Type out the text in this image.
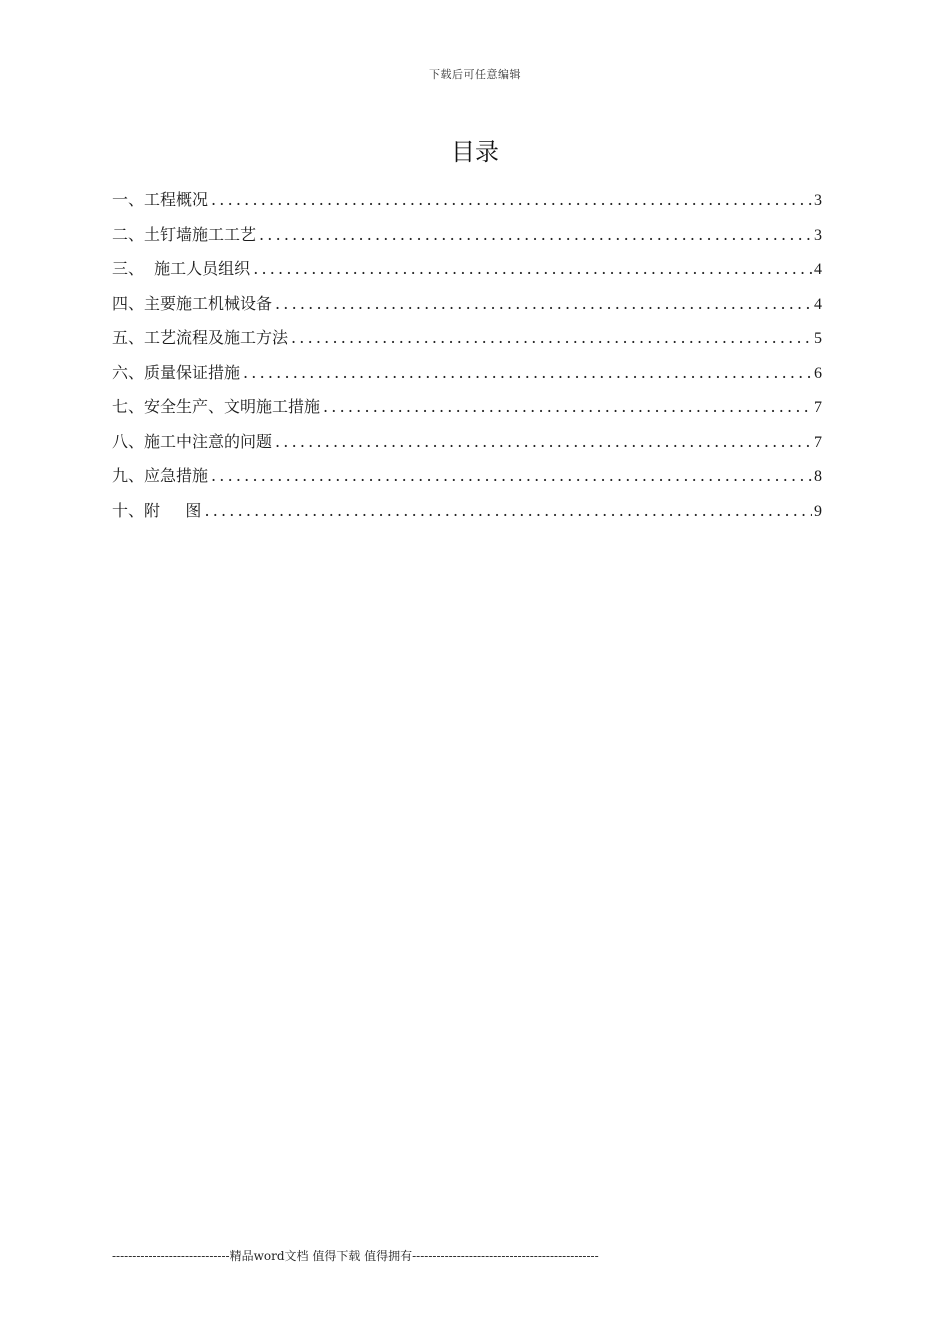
下载后可任意编辑
目录
一、工程概况 .....	3
二、土钉墙施工工艺 .....	3
三、  施工人员组织 .....	4
四、主要施工机械设备 .....	4
五、工艺流程及施工方法 .....	5
六、质量保证措施 .....	6
七、安全生产、文明施工措施 .....	7
八、施工中注意的问题 .....	7
九、应急措施 .....	8
十、附     图 .....	9
-----------------------------精品word文档 值得下载 值得拥有----------------------------------------------
